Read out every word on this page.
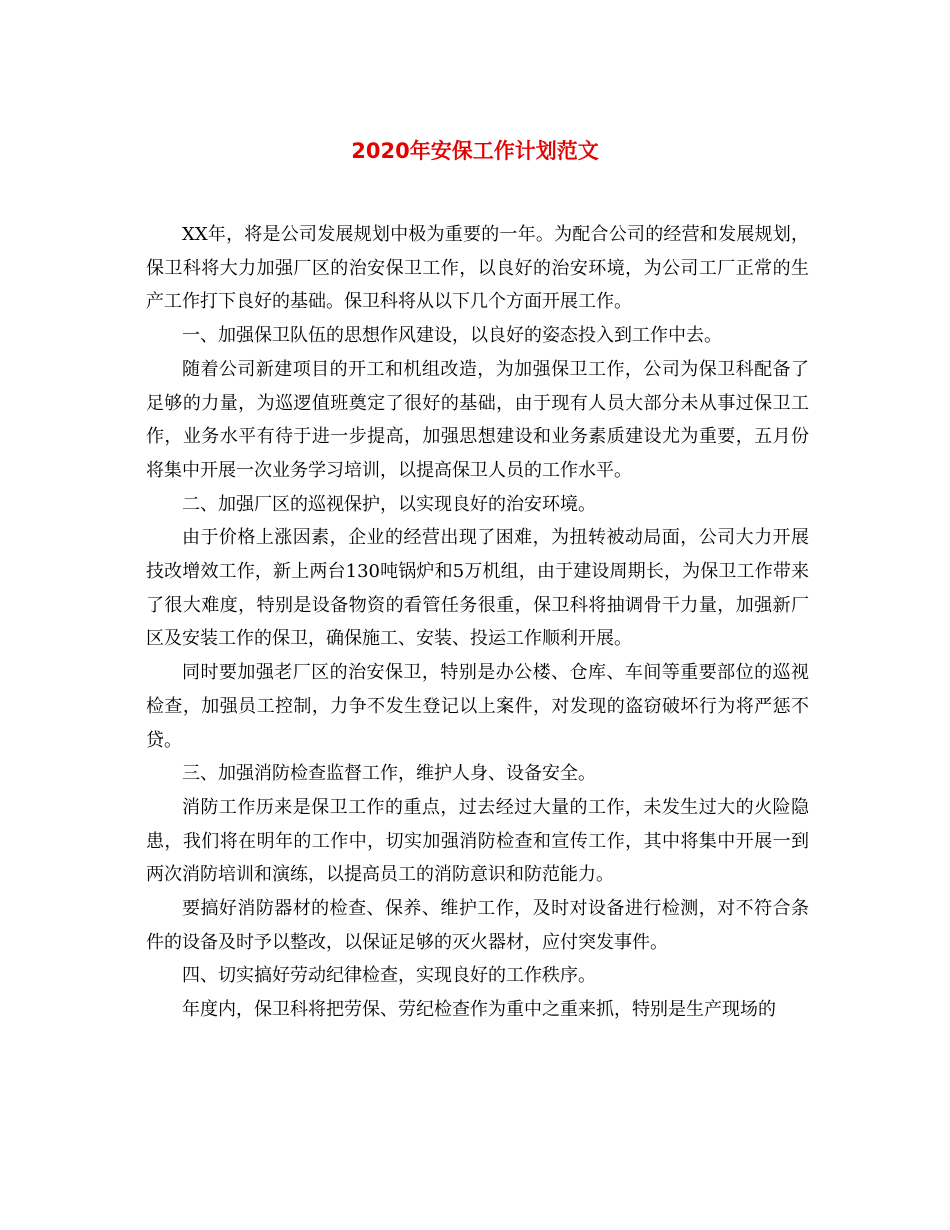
2020年安保工作计划范文

XX年，将是公司发展规划中极为重要的一年。为配合公司的经营和发展规划，保卫科将大力加强厂区的治安保卫工作，以良好的治安环境，为公司工厂正常的生产工作打下良好的基础。保卫科将从以下几个方面开展工作。

一、加强保卫队伍的思想作风建设，以良好的姿态投入到工作中去。

随着公司新建项目的开工和机组改造，为加强保卫工作，公司为保卫科配备了足够的力量，为巡逻值班奠定了很好的基础，由于现有人员大部分未从事过保卫工作，业务水平有待于进一步提高，加强思想建设和业务素质建设尤为重要，五月份将集中开展一次业务学习培训，以提高保卫人员的工作水平。

二、加强厂区的巡视保护，以实现良好的治安环境。

由于价格上涨因素，企业的经营出现了困难，为扭转被动局面，公司大力开展技改增效工作，新上两台130吨锅炉和5万机组，由于建设周期长，为保卫工作带来了很大难度，特别是设备物资的看管任务很重，保卫科将抽调骨干力量，加强新厂区及安装工作的保卫，确保施工、安装、投运工作顺利开展。

同时要加强老厂区的治安保卫，特别是办公楼、仓库、车间等重要部位的巡视检查，加强员工控制，力争不发生登记以上案件，对发现的盗窃破坏行为将严惩不贷。

三、加强消防检查监督工作，维护人身、设备安全。

消防工作历来是保卫工作的重点，过去经过大量的工作，未发生过大的火险隐患，我们将在明年的工作中，切实加强消防检查和宣传工作，其中将集中开展一到两次消防培训和演练，以提高员工的消防意识和防范能力。

要搞好消防器材的检查、保养、维护工作，及时对设备进行检测，对不符合条件的设备及时予以整改，以保证足够的灭火器材，应付突发事件。

四、切实搞好劳动纪律检查，实现良好的工作秩序。

年度内，保卫科将把劳保、劳纪检查作为重中之重来抓，特别是生产现场的
